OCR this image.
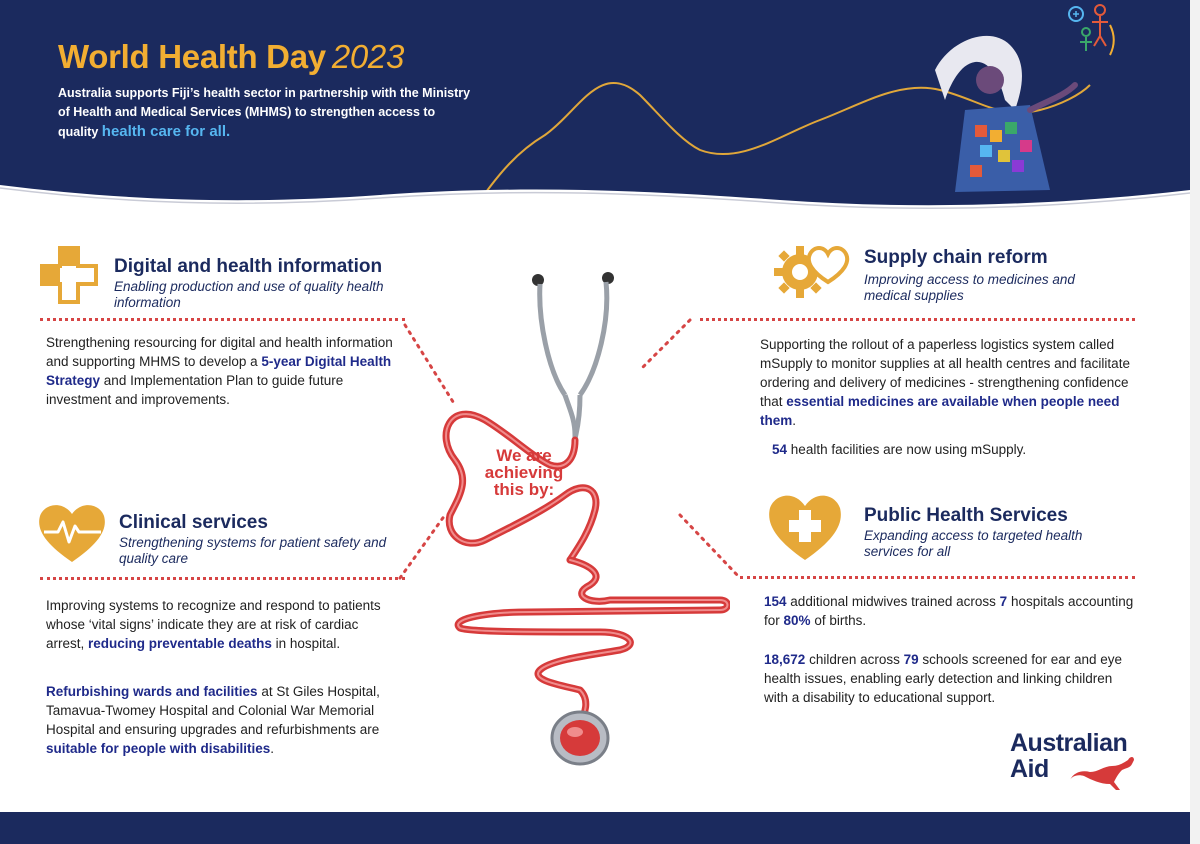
World Health Day 2023
Australia supports Fiji’s health sector in partnership with the Ministry of Health and Medical Services (MHMS) to strengthen access to quality health care for all.
We are
achieving
this by:
Digital and health information
Enabling production and use of quality health information
Strengthening resourcing for digital and health information and supporting MHMS to develop a 5-year Digital Health Strategy and Implementation Plan to guide future investment and improvements.
Clinical services
Strengthening systems for patient safety and quality care
Improving systems to recognize and respond to patients whose ‘vital signs’ indicate they are at risk of cardiac arrest, reducing preventable deaths in hospital.
Refurbishing wards and facilities at St Giles Hospital, Tamavua-Twomey Hospital and Colonial War Memorial Hospital and ensuring upgrades and refurbishments are suitable for people with disabilities.
Supply chain reform
Improving access to medicines and medical supplies
Supporting the rollout of a paperless logistics system called mSupply to monitor supplies at all health centres and facilitate ordering and delivery of medicines - strengthening confidence that essential medicines are available when people need them.
54 health facilities are now using mSupply.
Public Health Services
Expanding access to targeted health services for all
154 additional midwives trained across 7 hospitals accounting for 80% of births.
18,672 children across 79 schools screened for ear and eye health issues, enabling early detection and linking children with a disability to educational support.
Australian
Aid
